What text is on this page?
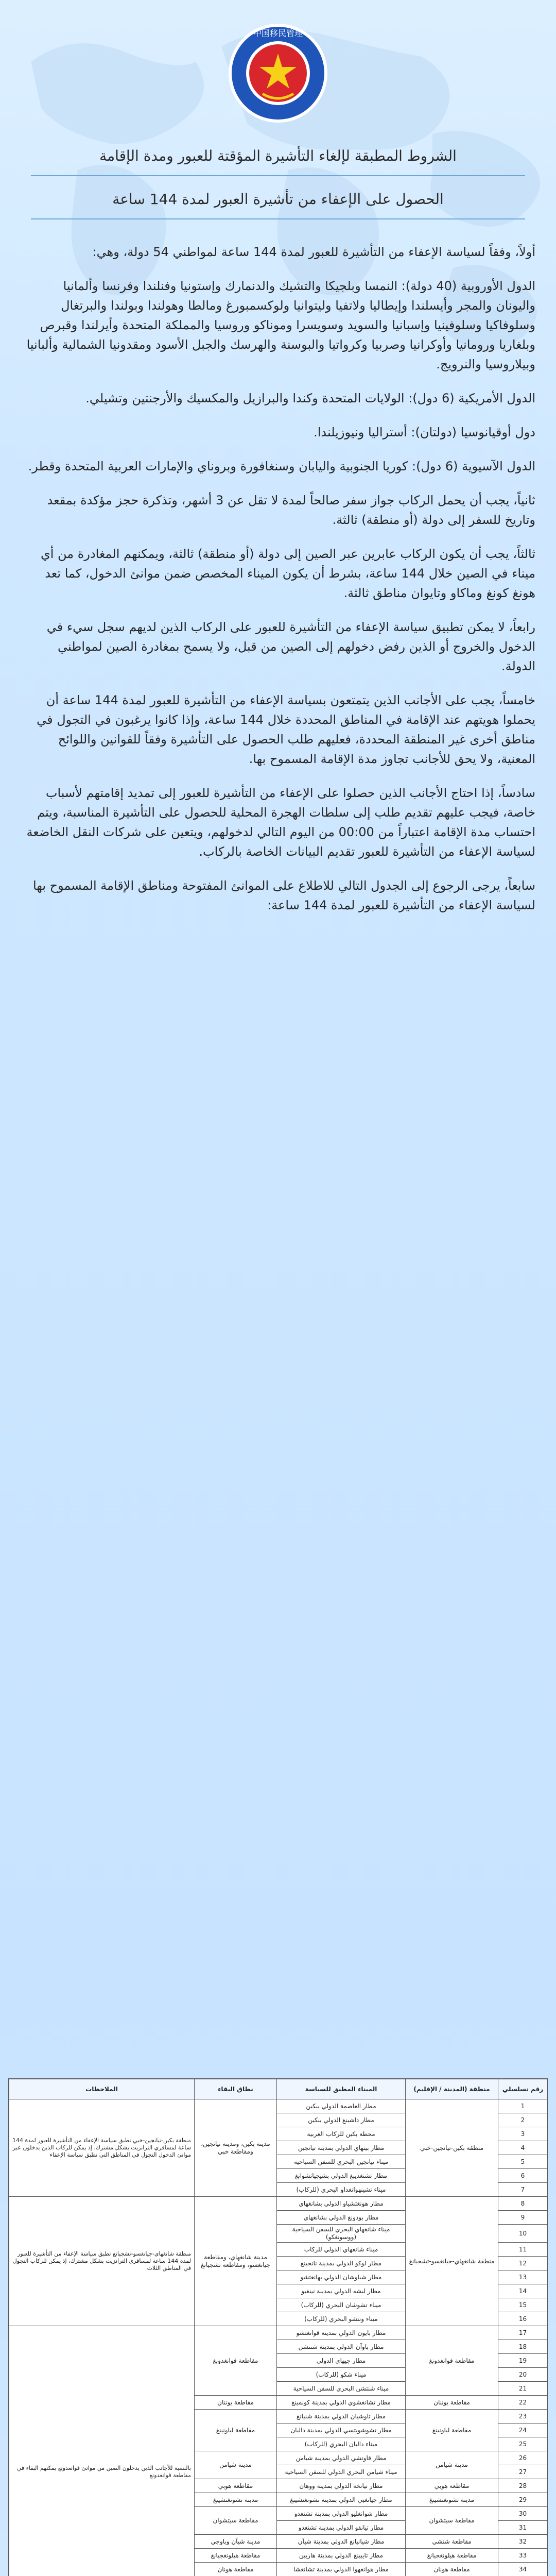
中国移民管理
الشروط المطبقة لإلغاء التأشيرة المؤقتة للعبور ومدة الإقامة
الحصول على الإعفاء من تأشيرة العبور لمدة 144 ساعة

أولاً، وفقاً لسياسة الإعفاء من التأشيرة للعبور لمدة 144 ساعة لمواطني 54 دولة، وهي:

الدول الأوروبية (40 دولة): النمسا وبلجيكا والتشيك والدنمارك وإستونيا وفنلندا وفرنسا وألمانيا واليونان والمجر وأيسلندا وإيطاليا ولاتفيا وليتوانيا ولوكسمبورغ ومالطا وهولندا وبولندا والبرتغال وسلوفاكيا وسلوفينيا وإسبانيا والسويد وسويسرا وموناكو وروسيا والمملكة المتحدة وأيرلندا وقبرص وبلغاريا ورومانيا وأوكرانيا وصربيا وكرواتيا والبوسنة والهرسك والجبل الأسود ومقدونيا الشمالية وألبانيا وبيلاروسيا والنرويج.

الدول الأمريكية (6 دول): الولايات المتحدة وكندا والبرازيل والمكسيك والأرجنتين وتشيلي.

دول أوقيانوسيا (دولتان): أستراليا ونيوزيلندا.

الدول الآسيوية (6 دول): كوريا الجنوبية واليابان وسنغافورة وبروناي والإمارات العربية المتحدة وقطر.

ثانياً، يجب أن يحمل الركاب جواز سفر صالحاً لمدة لا تقل عن 3 أشهر، وتذكرة حجز مؤكدة بمقعد وتاريخ للسفر إلى دولة (أو منطقة) ثالثة.

ثالثاً، يجب أن يكون الركاب عابرين عبر الصين إلى دولة (أو منطقة) ثالثة، ويمكنهم المغادرة من أي ميناء في الصين خلال 144 ساعة، بشرط أن يكون الميناء المخصص ضمن موانئ الدخول، كما تعد هونغ كونغ وماكاو وتايوان مناطق ثالثة.

رابعاً، لا يمكن تطبيق سياسة الإعفاء من التأشيرة للعبور على الركاب الذين لديهم سجل سيء في الدخول والخروج أو الذين رفض دخولهم إلى الصين من قبل، ولا يسمح بمغادرة الصين لمواطني الدولة.

خامساً، يجب على الأجانب الذين يتمتعون بسياسة الإعفاء من التأشيرة للعبور لمدة 144 ساعة أن يحملوا هويتهم عند الإقامة في المناطق المحددة خلال 144 ساعة، وإذا كانوا يرغبون في التجول في مناطق أخرى غير المنطقة المحددة، فعليهم طلب الحصول على التأشيرة وفقاً للقوانين واللوائح المعنية، ولا يحق للأجانب تجاوز مدة الإقامة المسموح بها.

سادساً، إذا احتاج الأجانب الذين حصلوا على الإعفاء من التأشيرة للعبور إلى تمديد إقامتهم لأسباب خاصة، فيجب عليهم تقديم طلب إلى سلطات الهجرة المحلية للحصول على التأشيرة المناسبة، ويتم احتساب مدة الإقامة اعتباراً من 00:00 من اليوم التالي لدخولهم، ويتعين على شركات النقل الخاضعة لسياسة الإعفاء من التأشيرة للعبور تقديم البيانات الخاصة بالركاب.

سابعاً، يرجى الرجوع إلى الجدول التالي للاطلاع على الموانئ المفتوحة ومناطق الإقامة المسموح بها لسياسة الإعفاء من التأشيرة للعبور لمدة 144 ساعة:

الملاحظات	نطاق البقاء	الميناء المطبق للسياسة	منطقة (المدينة / الإقليم)	رقم تسلسلي
منطقة بكين-تيانجين-خبي تطبق سياسة الإعفاء من التأشيرة للعبور لمدة 144 ساعة لمسافري الترانزيت بشكل مشترك، إذ يمكن للركاب الذين يدخلون عبر موانئ الدخول التجول في المناطق التي تطبق سياسة الإعفاء	مدينة بكين، ومدينة تيانجين، ومقاطعة خبي	مطار العاصمة الدولي ببكين	منطقة بكين-تيانجين-خبي	1
		مطار داشينغ الدولي ببكين		2
		محطة بكين للركاب الغربية		3
		مطار بينهاي الدولي بمدينة تيانجين		4
		ميناء تيانجين البحري للسفن السياحية		5
		مطار تشنغدينغ الدولي بشيجياتشوانغ		6
		ميناء تشينهوانغداو البحري (للركاب)		7
منطقة شانغهاي-جيانغسو-تشجيانغ تطبق سياسة الإعفاء من التأشيرة للعبور لمدة 144 ساعة لمسافري الترانزيت بشكل مشترك، إذ يمكن للركاب التجول في المناطق الثلاث	مدينة شانغهاي، ومقاطعة جيانغسو، ومقاطعة تشجيانغ	مطار هونغتشياو الدولي بشانغهاي	منطقة شانغهاي-جيانغسو-تشجيانغ	8
		مطار بودونغ الدولي بشانغهاي		9
		ميناء شانغهاي البحري للسفن السياحية (ووسونغكو)		10
		ميناء شانغهاي الدولي للركاب		11
		مطار لوكو الدولي بمدينة نانجينغ		12
		مطار شياوشان الدولي بهانغتشو		13
		مطار ليشه الدولي بمدينة نينغبو		14
		ميناء تشوشان البحري (للركاب)		15
		ميناء ونتشو البحري (للركاب)		16
بالنسبة للأجانب الذين يدخلون الصين من موانئ قوانغدونغ يمكنهم البقاء في مقاطعة قوانغدونغ	مقاطعة قوانغدونغ	مطار بايون الدولي بمدينة قوانغتشو	مقاطعة قوانغدونغ	17
		مطار باوآن الدولي بمدينة شنتشن		18
		مطار جيهاي الدولي		19
		ميناء شكو (للركاب)		20
		ميناء شنتشن البحري للسفن السياحية		21
	مقاطعة يوننان	مطار تشانغشوي الدولي بمدينة كونمينغ	مقاطعة يوننان	22
	مقاطعة لياونينغ	مطار تاوشيان الدولي بمدينة شنيانغ	مقاطعة لياونينغ	23
		مطار تشوشويتسي الدولي بمدينة داليان		24
		ميناء داليان البحري (للركاب)		25
	مدينة شيامن	مطار قاوتشي الدولي بمدينة شيامن	مدينة شيامن	26
		ميناء شيامن البحري الدولي للسفن السياحية		27
	مقاطعة هوبي	مطار تيانخه الدولي بمدينة ووهان	مقاطعة هوبي	28
	مدينة تشونغتشينغ	مطار جيانغبي الدولي بمدينة تشونغتشينغ	مدينة تشونغتشينغ	29
	مقاطعة سيتشوان	مطار شوانغليو الدولي بمدينة تشنغدو	مقاطعة سيتشوان	30
		مطار تيانفو الدولي بمدينة تشنغدو		31
	مدينة شيآن وباوجي	مطار شيانيانغ الدولي بمدينة شيآن	مقاطعة شنشي	32
	مقاطعة هيلونغجيانغ	مطار تايبينغ الدولي بمدينة هاربين	مقاطعة هيلونغجيانغ	33
	مقاطعة هونان	مطار هوانغهوا الدولي بمدينة تشانغشا	مقاطعة هونان	34
